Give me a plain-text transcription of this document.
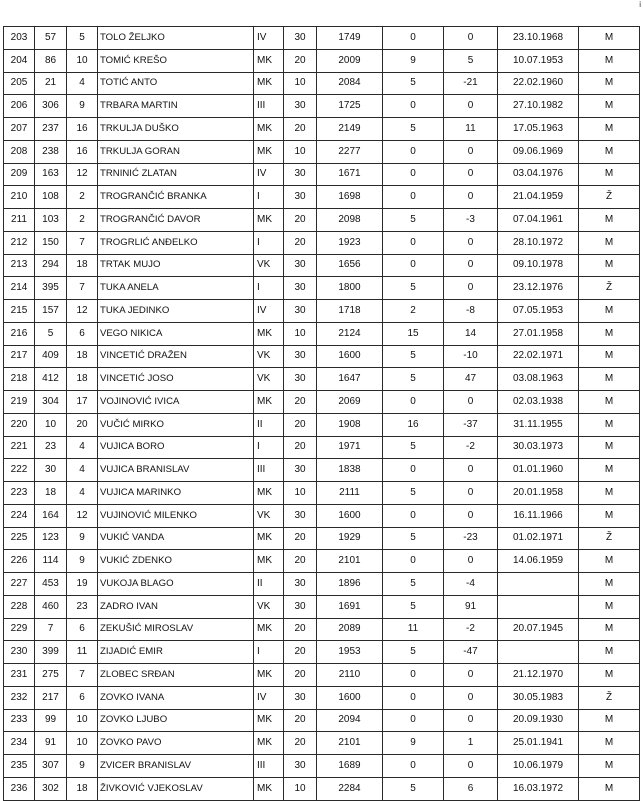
i
203	57	5	TOLO ŽELJKO	IV	30	1749	0	0	23.10.1968	M
204	86	10	TOMIĆ KREŠO	MK	20	2009	9	5	10.07.1953	M
205	21	4	TOTIĆ ANTO	MK	10	2084	5	-21	22.02.1960	M
206	306	9	TRBARA MARTIN	III	30	1725	0	0	27.10.1982	M
207	237	16	TRKULJA DUŠKO	MK	20	2149	5	11	17.05.1963	M
208	238	16	TRKULJA GORAN	MK	10	2277	0	0	09.06.1969	M
209	163	12	TRNINIĆ ZLATAN	IV	30	1671	0	0	03.04.1976	M
210	108	2	TROGRANČIĆ BRANKA	I	30	1698	0	0	21.04.1959	Ž
211	103	2	TROGRANČIĆ DAVOR	MK	20	2098	5	-3	07.04.1961	M
212	150	7	TROGRLIĆ ANĐELKO	I	20	1923	0	0	28.10.1972	M
213	294	18	TRTAK MUJO	VK	30	1656	0	0	09.10.1978	M
214	395	7	TUKA ANELA	I	30	1800	5	0	23.12.1976	Ž
215	157	12	TUKA JEDINKO	IV	30	1718	2	-8	07.05.1953	M
216	5	6	VEGO NIKICA	MK	10	2124	15	14	27.01.1958	M
217	409	18	VINCETIĆ DRAŽEN	VK	30	1600	5	-10	22.02.1971	M
218	412	18	VINCETIĆ JOSO	VK	30	1647	5	47	03.08.1963	M
219	304	17	VOJINOVIĆ IVICA	MK	20	2069	0	0	02.03.1938	M
220	10	20	VUČIĆ MIRKO	II	20	1908	16	-37	31.11.1955	M
221	23	4	VUJICA BORO	I	20	1971	5	-2	30.03.1973	M
222	30	4	VUJICA BRANISLAV	III	30	1838	0	0	01.01.1960	M
223	18	4	VUJICA MARINKO	MK	10	2111	5	0	20.01.1958	M
224	164	12	VUJINOVIĆ MILENKO	VK	30	1600	0	0	16.11.1966	M
225	123	9	VUKIĆ VANDA	MK	20	1929	5	-23	01.02.1971	Ž
226	114	9	VUKIĆ ZDENKO	MK	20	2101	0	0	14.06.1959	M
227	453	19	VUKOJA BLAGO	II	30	1896	5	-4		M
228	460	23	ZADRO IVAN	VK	30	1691	5	91		M
229	7	6	ZEKUŠIĆ MIROSLAV	MK	20	2089	11	-2	20.07.1945	M
230	399	11	ZIJADIĆ EMIR	I	20	1953	5	-47		M
231	275	7	ZLOBEC SRĐAN	MK	20	2110	0	0	21.12.1970	M
232	217	6	ZOVKO IVANA	IV	30	1600	0	0	30.05.1983	Ž
233	99	10	ZOVKO LJUBO	MK	20	2094	0	0	20.09.1930	M
234	91	10	ZOVKO PAVO	MK	20	2101	9	1	25.01.1941	M
235	307	9	ZVICER BRANISLAV	III	30	1689	0	0	10.06.1979	M
236	302	18	ŽIVKOVIĆ VJEKOSLAV	MK	10	2284	5	6	16.03.1972	M
